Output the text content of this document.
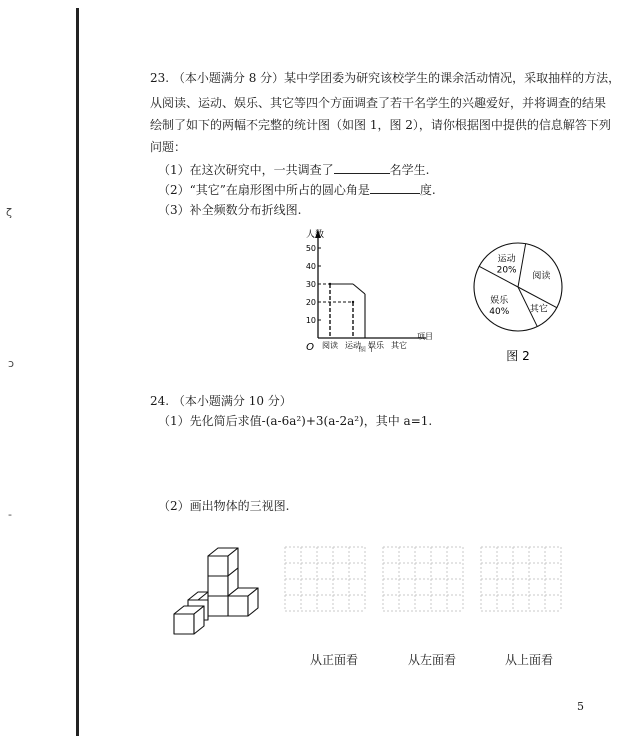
ζ
ɔ
-
23. （本小题满分 8 分）某中学团委为研究该校学生的课余活动情况，采取抽样的方法，
从阅读、运动、娱乐、其它等四个方面调查了若干名学生的兴趣爱好，并将调查的结果
绘制了如下的两幅不完整的统计图（如图 1，图 2），请你根据图中提供的信息解答下列
问题：
（1）在这次研究中，一共调查了	名学生.
（2）“其它”在扇形图中所占的圆心角是	度.
（3）补全频数分布折线图.
人数
O
项目
图 1
10
20
30
40
50
阅读 运动 娱乐 其它
运动
20%
阅读
其它
娱乐
40%
图 2
24. （本小题满分 10 分）
（1）先化简后求值-(a-6a²)+3(a-2a²)，其中 a=1.
（2）画出物体的三视图.
从正面看	从左面看	从上面看
5
